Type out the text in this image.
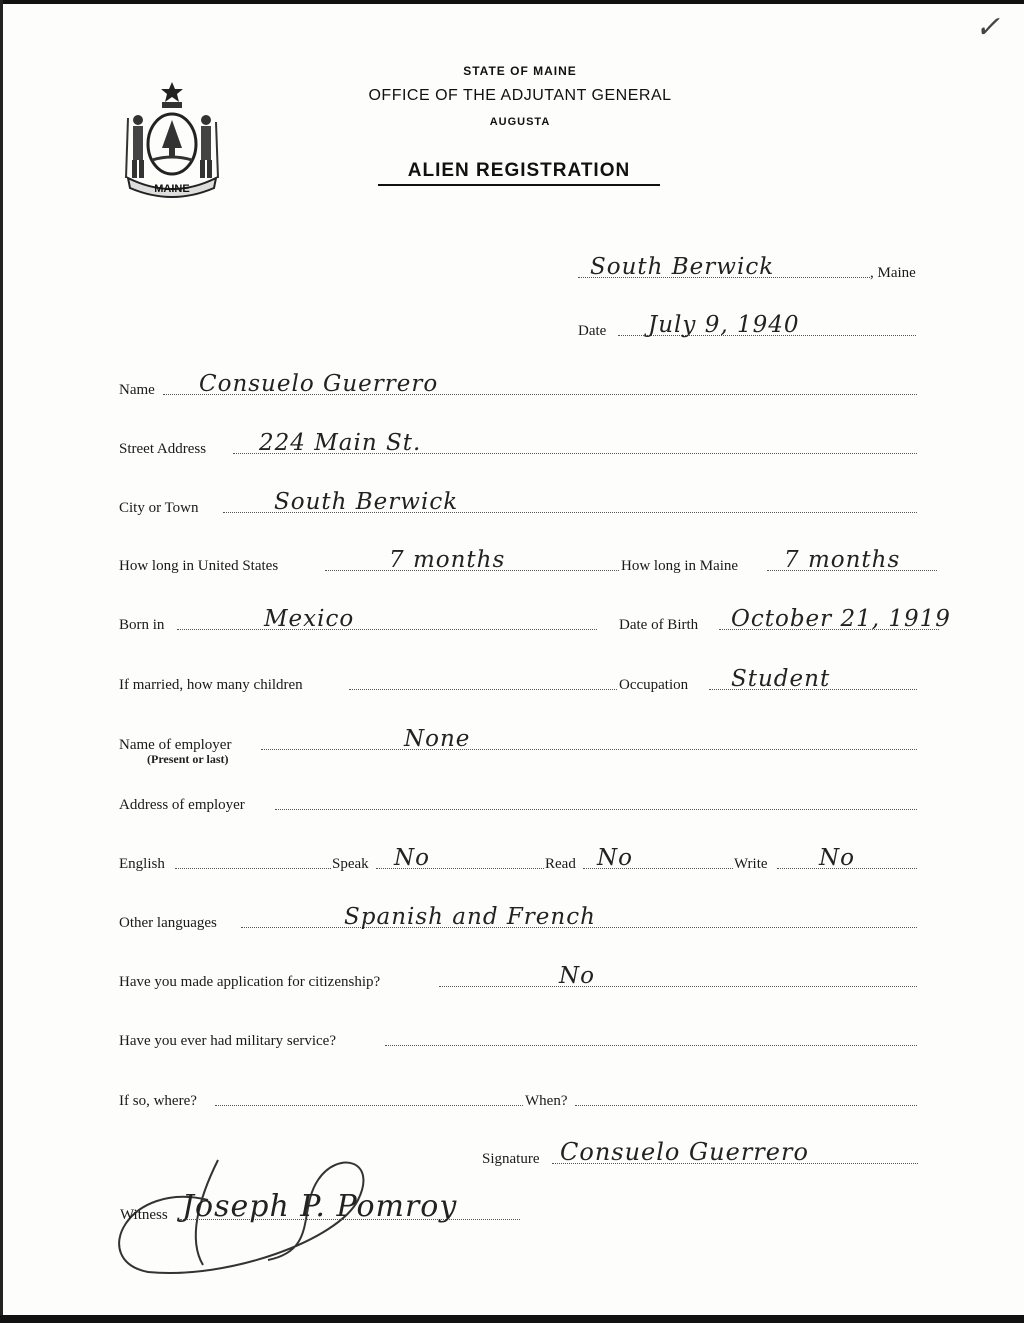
✓
MAINE
STATE OF MAINE
OFFICE OF THE ADJUTANT GENERAL
AUGUSTA
ALIEN REGISTRATION
South Berwick	, Maine
Date July 9, 1940
Name Consuelo Guerrero
Street Address 224 Main St.
City or Town	South Berwick
How long in United States	7 months	How long in Maine 7 months
Born in	Mexico	Date of Birth October 21, 1919
If married, how many children	Occupation Student
Name of employer	None
(Present or last)
Address of employer
English	Speak No	Read No	Write No
Other languages	Spanish and French
Have you made application for citizenship?	No
Have you ever had military service?
If so, where?	When?
Signature Consuelo Guerrero
Witness Joseph P. Pomroy
